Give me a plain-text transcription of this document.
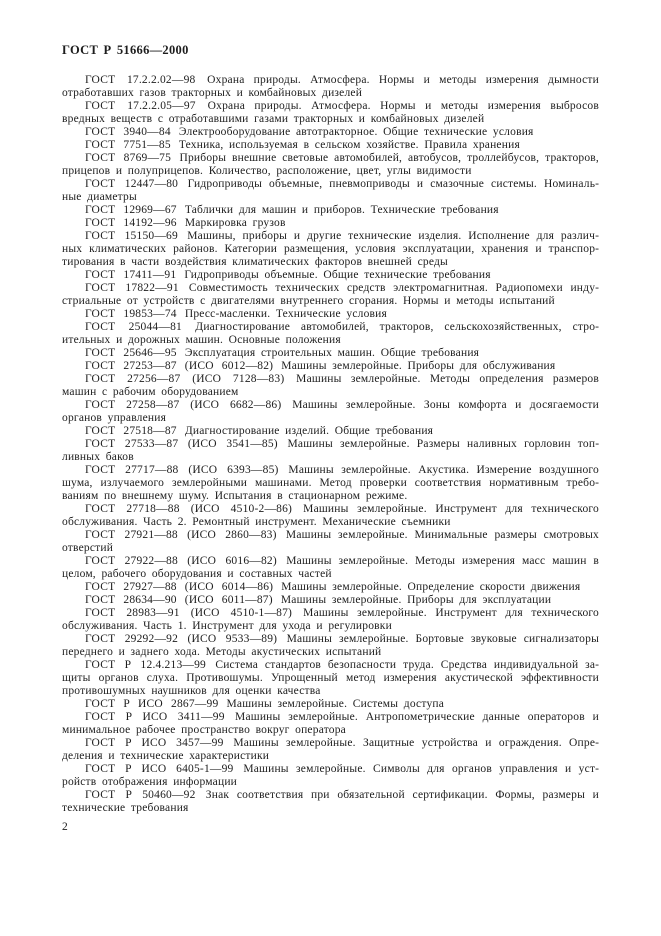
ГОСТ Р 51666—2000

ГОСТ 17.2.2.02—98 Охрана природы. Атмосфера. Нормы и методы измерения дымности отработавших газов тракторных и комбайновых дизелей

ГОСТ 17.2.2.05—97 Охрана природы. Атмосфера. Нормы и методы измерения выбросов вредных веществ с отработавшими газами тракторных и комбайновых дизелей

ГОСТ 3940—84 Электрооборудование автотракторное. Общие технические условия

ГОСТ 7751—85 Техника, используемая в сельском хозяйстве. Правила хранения

ГОСТ 8769—75 Приборы внешние световые автомобилей, автобусов, троллейбусов, тракторов, прицепов и полуприцепов. Количество, расположение, цвет, углы видимости

ГОСТ 12447—80 Гидроприводы объемные, пневмоприводы и смазочные системы. Номинальные диаметры

ГОСТ 12969—67 Таблички для машин и приборов. Технические требования

ГОСТ 14192—96 Маркировка грузов

ГОСТ 15150—69 Машины, приборы и другие технические изделия. Исполнение для различных климатических районов. Категории размещения, условия эксплуатации, хранения и транспортирования в части воздействия климатических факторов внешней среды

ГОСТ 17411—91 Гидроприводы объемные. Общие технические требования

ГОСТ 17822—91 Совместимость технических средств электромагнитная. Радиопомехи индустриальные от устройств с двигателями внутреннего сгорания. Нормы и методы испытаний

ГОСТ 19853—74 Пресс-масленки. Технические условия

ГОСТ 25044—81 Диагностирование автомобилей, тракторов, сельскохозяйственных, строительных и дорожных машин. Основные положения

ГОСТ 25646—95 Эксплуатация строительных машин. Общие требования

ГОСТ 27253—87 (ИСО 6012—82) Машины землеройные. Приборы для обслуживания

ГОСТ 27256—87 (ИСО 7128—83) Машины землеройные. Методы определения размеров машин с рабочим оборудованием

ГОСТ 27258—87 (ИСО 6682—86) Машины землеройные. Зоны комфорта и досягаемости органов управления

ГОСТ 27518—87 Диагностирование изделий. Общие требования

ГОСТ 27533—87 (ИСО 3541—85) Машины землеройные. Размеры наливных горловин топливных баков

ГОСТ 27717—88 (ИСО 6393—85) Машины землеройные. Акустика. Измерение воздушного шума, излучаемого землеройными машинами. Метод проверки соответствия нормативным требованиям по внешнему шуму. Испытания в стационарном режиме.

ГОСТ 27718—88 (ИСО 4510-2—86) Машины землеройные. Инструмент для технического обслуживания. Часть 2. Ремонтный инструмент. Механические съемники

ГОСТ 27921—88 (ИСО 2860—83) Машины землеройные. Минимальные размеры смотровых отверстий

ГОСТ 27922—88 (ИСО 6016—82) Машины землеройные. Методы измерения масс машин в целом, рабочего оборудования и составных частей

ГОСТ 27927—88 (ИСО 6014—86) Машины землеройные. Определение скорости движения

ГОСТ 28634—90 (ИСО 6011—87) Машины землеройные. Приборы для эксплуатации

ГОСТ 28983—91 (ИСО 4510-1—87) Машины землеройные. Инструмент для технического обслуживания. Часть 1. Инструмент для ухода и регулировки

ГОСТ 29292—92 (ИСО 9533—89) Машины землеройные. Бортовые звуковые сигнализаторы переднего и заднего хода. Методы акустических испытаний

ГОСТ Р 12.4.213—99 Система стандартов безопасности труда. Средства индивидуальной защиты органов слуха. Противошумы. Упрощенный метод измерения акустической эффективности противошумных наушников для оценки качества

ГОСТ Р ИСО 2867—99 Машины землеройные. Системы доступа

ГОСТ Р ИСО 3411—99 Машины землеройные. Антропометрические данные операторов и минимальное рабочее пространство вокруг оператора

ГОСТ Р ИСО 3457—99 Машины землеройные. Защитные устройства и ограждения. Определения и технические характеристики

ГОСТ Р ИСО 6405-1—99 Машины землеройные. Символы для органов управления и устройств отображения информации

ГОСТ Р 50460—92 Знак соответствия при обязательной сертификации. Формы, размеры и технические требования

2
